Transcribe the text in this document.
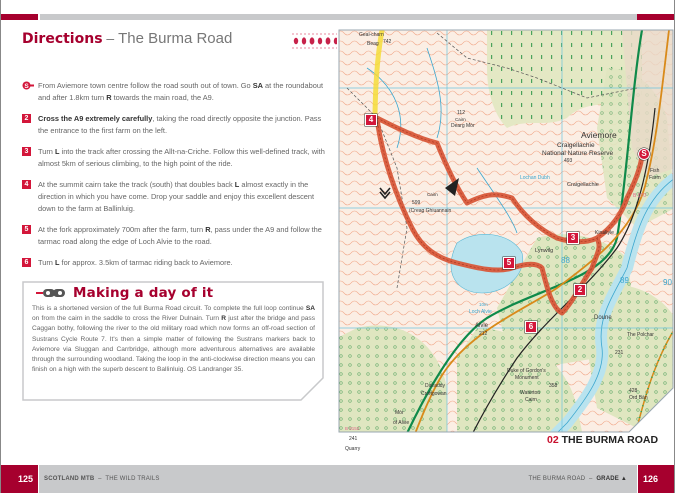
Directions – The Burma Road
S From Aviemore town centre follow the road south out of town. Go SA at the roundabout and after 1.8km turn R towards the main road, the A9.
2	Cross the A9 extremely carefully, taking the road directly opposite the junction. Pass the entrance to the first farm on the left.
3	Turn L into the track after crossing the Allt-na-Criche. Follow this well-defined track, with almost 5km of serious climbing, to the high point of the ride.
4	At the summit cairn take the track (south) that doubles back L almost exactly in the direction in which you have come. Drop your saddle and enjoy this excellent descent down to the farm at Ballinluig.
5	At the fork approximately 700m after the farm, turn R, pass under the A9 and follow the tarmac road along the edge of Loch Alvie to the road.
6	Turn L for approx. 3.5km of tarmac riding back to Aviemore.
Making a day of it
This is a shortened version of the full Burma Road circuit. To complete the full loop continue SA on from the cairn in the saddle to cross the River Dulnain. Turn R just after the bridge and pass Caggan bothy, following the river to the old military road which now forms an off-road section of Sustrans Cycle Route 7. It's then a simple matter of following the Sustrans markers back to Aviemore via Sluggan and Carrbridge, although more adventurous alternatives are available through the surrounding woodland. Taking the loop in the anti-clockwise direction means you can finish on a high with the superb descent to Ballinluig. OS Landranger 35.
125	SCOTLAND MTB – THE WILD TRAILS
4
3
5
2
6
S
Geal-charn
Beag 742
112
Cairn
Dearg Mòr
Aviemore
Craigellachie
National Nature Reserve
493
Lochan Dubh
Craigellachie
599
Cairn
(Creag Ghiuannain
Fish
Farm
B 970
Kinakyle
Lynwilg
Alvie
212
Loch Alvie
10m
Doune
The Polchar
231
Duke of Gordon's
Monument
358
Waterton
Cairn
Dalraddy
Croftgowan
Mòr
of Alvie
Quarry
428
Ord Bàn
241
88
89	90
B 9152
02 THE BURMA ROAD
THE BURMA ROAD – GRADE ▲	126
